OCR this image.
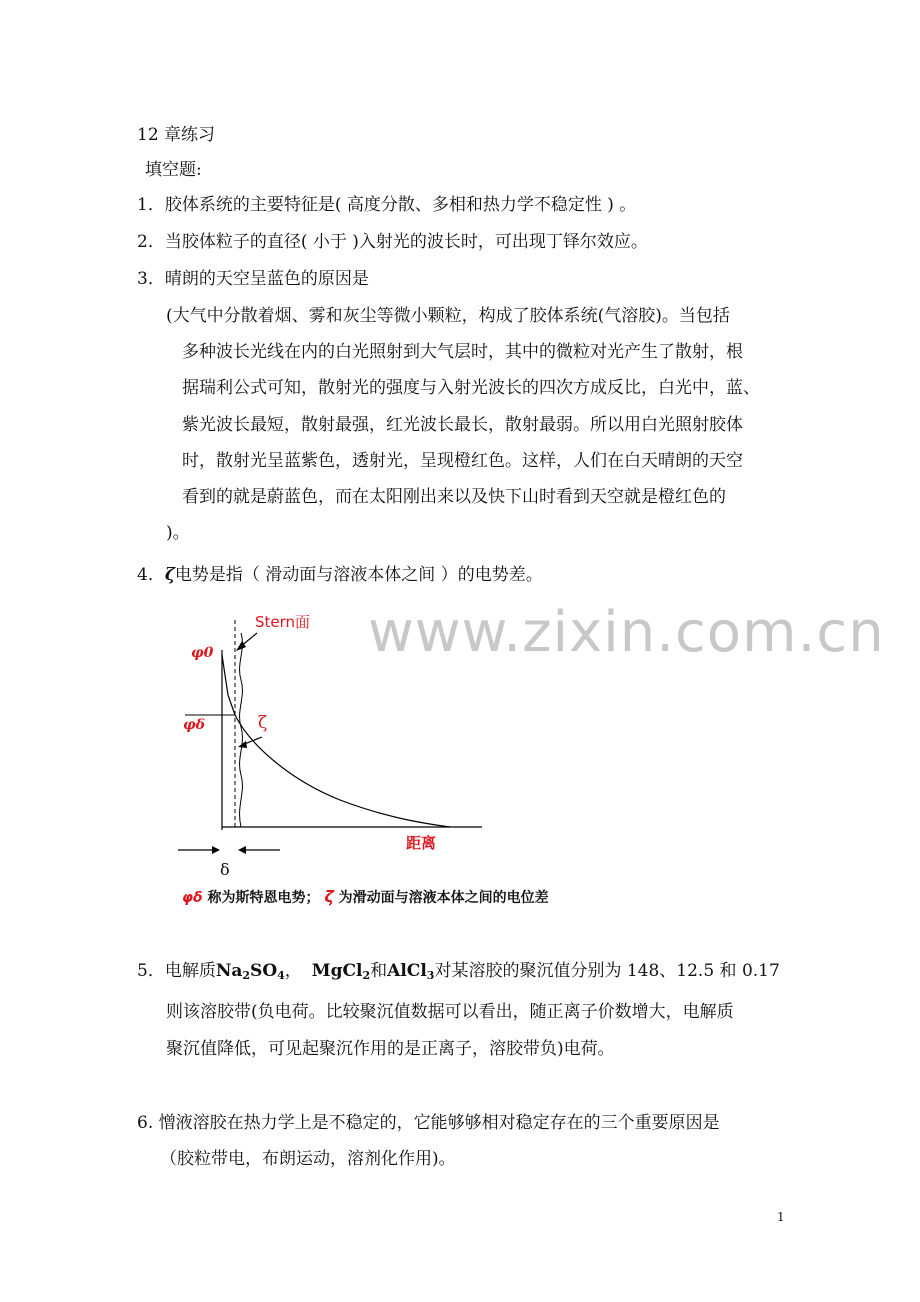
www.zixin.com.cn
12 章练习
填空题:
1．胶体系统的主要特征是( 高度分散、多相和热力学不稳定性 ) 。
2．当胶体粒子的直径( 小于 )入射光的波长时，可出现丁铎尔效应。
3．晴朗的天空呈蓝色的原因是
(大气中分散着烟、雾和灰尘等微小颗粒，构成了胶体系统(气溶胶)。当包括
多种波长光线在内的白光照射到大气层时，其中的微粒对光产生了散射，根
据瑞利公式可知，散射光的强度与入射光波长的四次方成反比，白光中，蓝、
紫光波长最短，散射最强，红光波长最长，散射最弱。所以用白光照射胶体
时，散射光呈蓝紫色，透射光，呈现橙红色。这样，人们在白天晴朗的天空
看到的就是蔚蓝色，而在太阳刚出来以及快下山时看到天空就是橙红色的
)。
4．ζ电势是指（ 滑动面与溶液本体之间 ）的电势差。
Stern面
φ0
φδ	ζ
距离
δ
φδ 称为斯特恩电势； ζ 为滑动面与溶液本体之间的电位差
5．电解质$Na_2SO_4$， MgCl$_2$和AlCl$_3$对某溶胶的聚沉值分别为 148、12.5 和 0.17
则该溶胶带(负电荷。比较聚沉值数据可以看出，随正离子价数增大，电解质
聚沉值降低，可见起聚沉作用的是正离子，溶胶带负)电荷。
6. 憎液溶胶在热力学上是不稳定的，它能够够相对稳定存在的三个重要原因是
（胶粒带电，布朗运动，溶剂化作用)。
1
